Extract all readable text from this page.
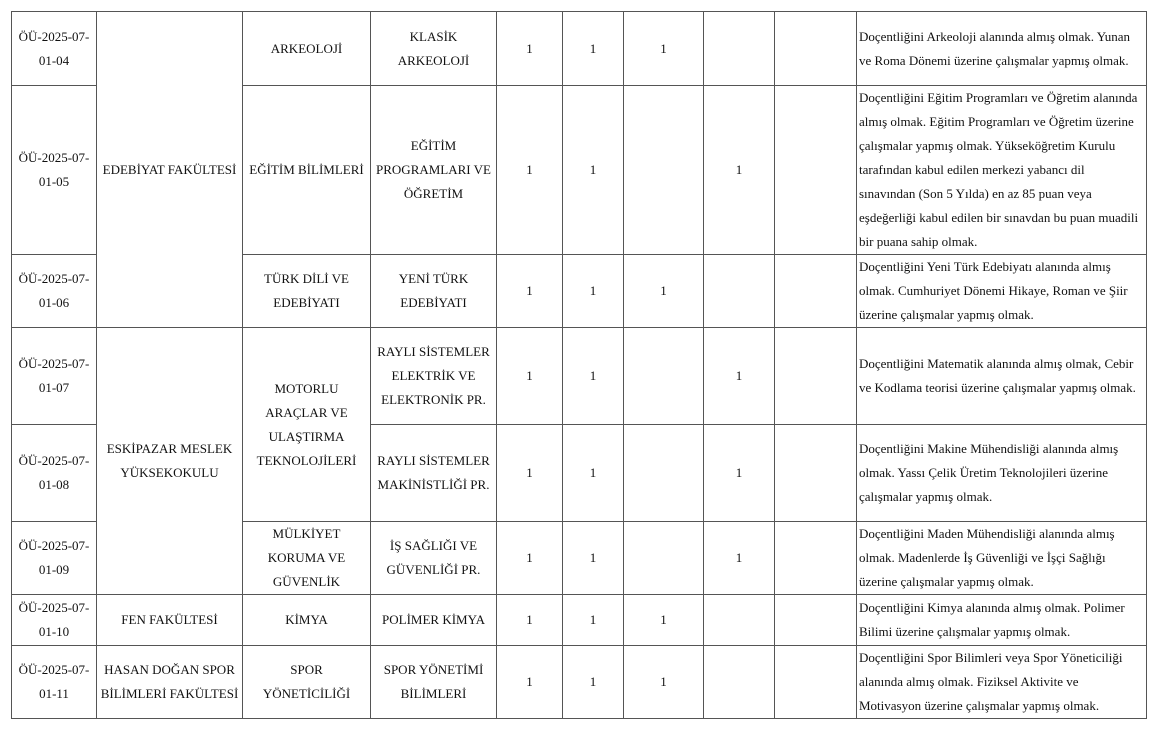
ÖÜ-2025-07-
01-04	EDEBİYAT FAKÜLTESİ	ARKEOLOJİ	KLASİK ARKEOLOJİ	1	1	1			Doçentliğini Arkeoloji alanında almış olmak. Yunan ve Roma Dönemi üzerine çalışmalar yapmış olmak.
ÖÜ-2025-07-
01-05		EĞİTİM BİLİMLERİ	EĞİTİM PROGRAMLARI VE ÖĞRETİM	1	1		1		Doçentliğini Eğitim Programları ve Öğretim alanında almış olmak. Eğitim Programları ve Öğretim üzerine çalışmalar yapmış olmak. Yükseköğretim Kurulu tarafından kabul edilen merkezi yabancı dil sınavından (Son 5 Yılda) en az 85 puan veya eşdeğerliği kabul edilen bir sınavdan bu puan muadili bir puana sahip olmak.
ÖÜ-2025-07-
01-06		TÜRK DİLİ VE EDEBİYATI	YENİ TÜRK EDEBİYATI	1	1	1			Doçentliğini Yeni Türk Edebiyatı alanında almış olmak. Cumhuriyet Dönemi Hikaye, Roman ve Şiir üzerine çalışmalar yapmış olmak.
ÖÜ-2025-07-
01-07	ESKİPAZAR MESLEK YÜKSEKOKULU	MOTORLU ARAÇLAR VE ULAŞTIRMA TEKNOLOJİLERİ	RAYLI SİSTEMLER ELEKTRİK VE ELEKTRONİK PR.	1	1		1		Doçentliğini Matematik alanında almış olmak, Cebir ve Kodlama teorisi üzerine çalışmalar yapmış olmak.
ÖÜ-2025-07-
01-08			RAYLI SİSTEMLER MAKİNİSTLİĞİ PR.	1	1		1		Doçentliğini Makine Mühendisliği alanında almış olmak. Yassı Çelik Üretim Teknolojileri üzerine çalışmalar yapmış olmak.
ÖÜ-2025-07-
01-09		MÜLKİYET KORUMA VE GÜVENLİK	İŞ SAĞLIĞI VE GÜVENLİĞİ PR.	1	1		1		Doçentliğini Maden Mühendisliği alanında almış olmak. Madenlerde İş Güvenliği ve İşçi Sağlığı üzerine çalışmalar yapmış olmak.
ÖÜ-2025-07-
01-10	FEN FAKÜLTESİ	KİMYA	POLİMER KİMYA	1	1	1			Doçentliğini Kimya alanında almış olmak. Polimer Bilimi üzerine çalışmalar yapmış olmak.
ÖÜ-2025-07-
01-11	HASAN DOĞAN SPOR BİLİMLERİ FAKÜLTESİ	SPOR YÖNETİCİLİĞİ	SPOR YÖNETİMİ BİLİMLERİ	1	1	1			Doçentliğini Spor Bilimleri veya Spor Yöneticiliği alanında almış olmak. Fiziksel Aktivite ve Motivasyon üzerine çalışmalar yapmış olmak.
